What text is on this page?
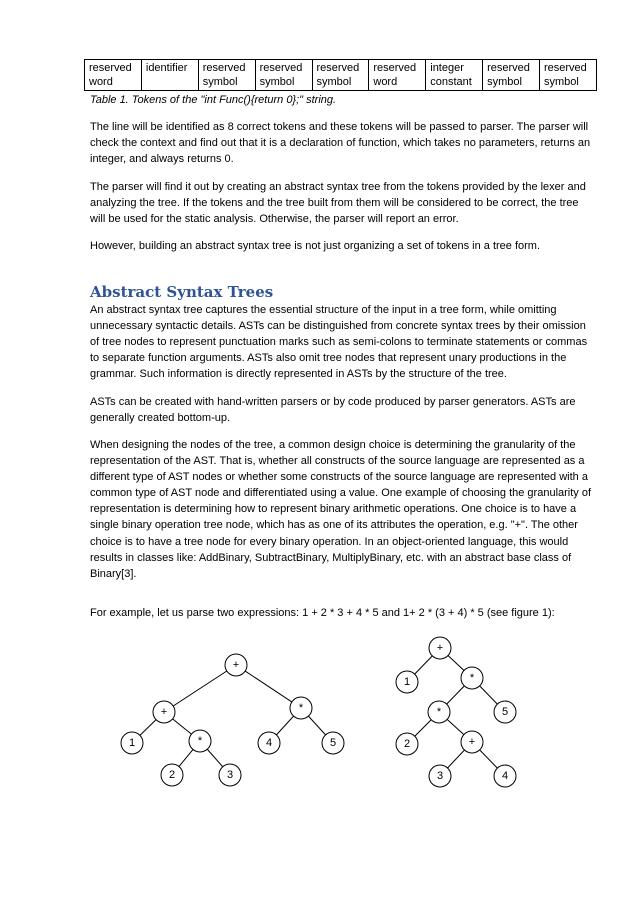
reserved word	identifier	reserved symbol	reserved symbol	reserved symbol	reserved word	integer constant	reserved symbol	reserved symbol
Table 1. Tokens of the "int Func(){return 0};" string.

The line will be identified as 8 correct tokens and these tokens will be passed to parser. The parser will check the context and find out that it is a declaration of function, which takes no parameters, returns an integer, and always returns 0.

The parser will find it out by creating an abstract syntax tree from the tokens provided by the lexer and analyzing the tree. If the tokens and the tree built from them will be considered to be correct, the tree will be used for the static analysis. Otherwise, the parser will report an error.

However, building an abstract syntax tree is not just organizing a set of tokens in a tree form.

Abstract Syntax Trees

An abstract syntax tree captures the essential structure of the input in a tree form, while omitting unnecessary syntactic details. ASTs can be distinguished from concrete syntax trees by their omission of tree nodes to represent punctuation marks such as semi-colons to terminate statements or commas to separate function arguments. ASTs also omit tree nodes that represent unary productions in the grammar. Such information is directly represented in ASTs by the structure of the tree.

ASTs can be created with hand-written parsers or by code produced by parser generators. ASTs are generally created bottom-up.

When designing the nodes of the tree, a common design choice is determining the granularity of the representation of the AST. That is, whether all constructs of the source language are represented as a different type of AST nodes or whether some constructs of the source language are represented with a common type of AST node and differentiated using a value. One example of choosing the granularity of representation is determining how to represent binary arithmetic operations. One choice is to have a single binary operation tree node, which has as one of its attributes the operation, e.g. "+". The other choice is to have a tree node for every binary operation. In an object-oriented language, this would results in classes like: AddBinary, SubtractBinary, MultiplyBinary, etc. with an abstract base class of Binary[3].

For example, let us parse two expressions: 1 + 2 * 3 + 4 * 5 and 1+ 2 * (3 + 4) * 5 (see figure 1):

+
+	*
1	*
2	3
4	5
+
1	*
*	5
2	+
3	4
